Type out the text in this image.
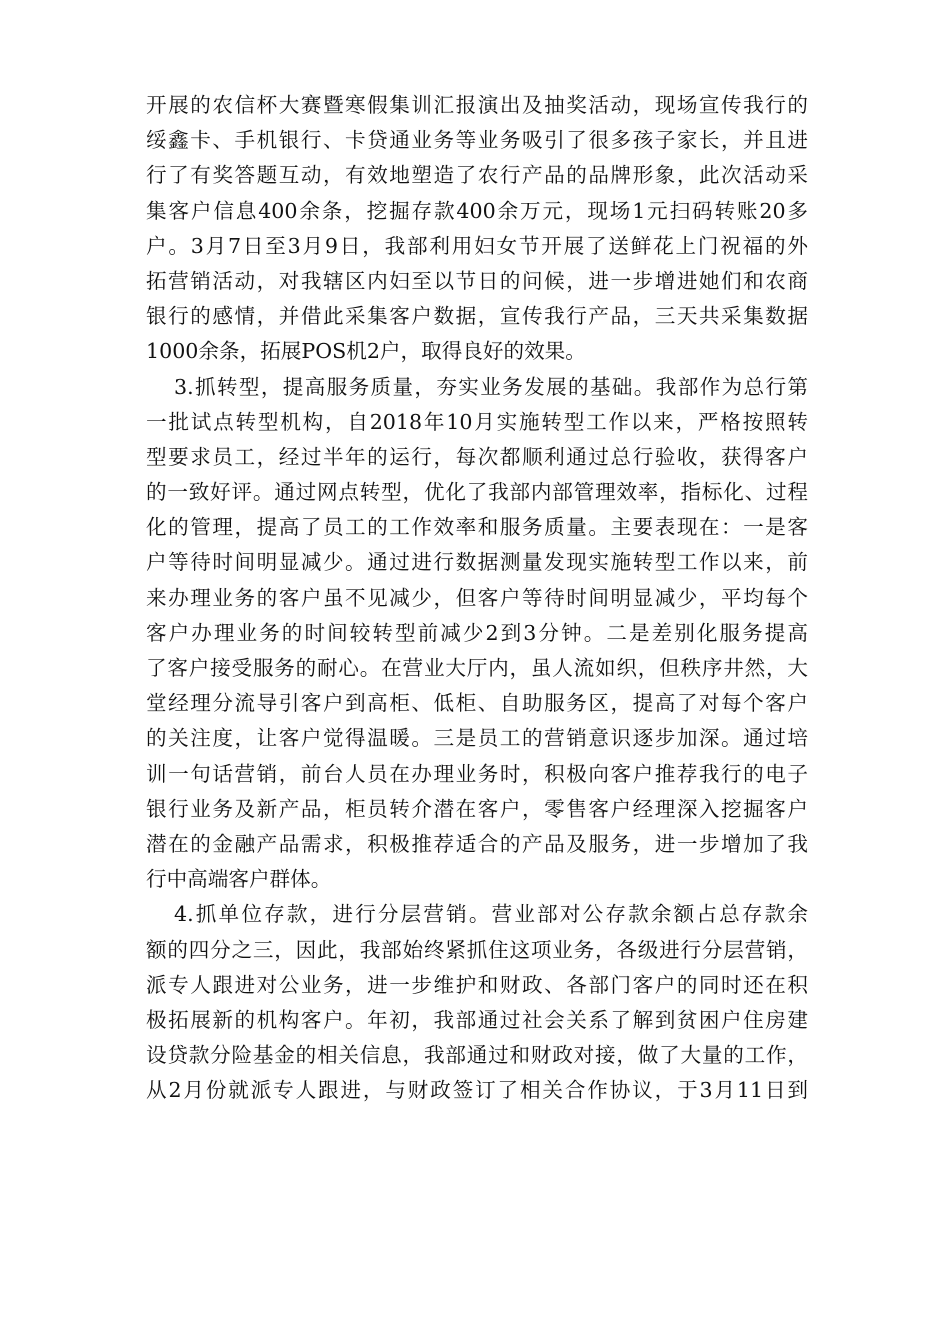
开展的农信杯大赛暨寒假集训汇报演出及抽奖活动，现场宣传我行的
绥鑫卡、手机银行、卡贷通业务等业务吸引了很多孩子家长，并且进
行了有奖答题互动，有效地塑造了农行产品的品牌形象，此次活动采
集客户信息400余条，挖掘存款400余万元，现场1元扫码转账20多
户。3月7日至3月9日，我部利用妇女节开展了送鲜花上门祝福的外
拓营销活动，对我辖区内妇至以节日的问候，进一步增进她们和农商
银行的感情，并借此采集客户数据，宣传我行产品，三天共采集数据
1000余条，拓展POS机2户，取得良好的效果。
3.抓转型，提高服务质量，夯实业务发展的基础。我部作为总行第
一批试点转型机构，自2018年10月实施转型工作以来，严格按照转
型要求员工，经过半年的运行，每次都顺利通过总行验收，获得客户
的一致好评。通过网点转型，优化了我部内部管理效率，指标化、过程
化的管理，提高了员工的工作效率和服务质量。主要表现在：一是客
户等待时间明显减少。通过进行数据测量发现实施转型工作以来，前
来办理业务的客户虽不见减少，但客户等待时间明显减少，平均每个
客户办理业务的时间较转型前减少2到3分钟。二是差别化服务提高
了客户接受服务的耐心。在营业大厅内，虽人流如织，但秩序井然，大
堂经理分流导引客户到高柜、低柜、自助服务区，提高了对每个客户
的关注度，让客户觉得温暖。三是员工的营销意识逐步加深。通过培
训一句话营销，前台人员在办理业务时，积极向客户推荐我行的电子
银行业务及新产品，柜员转介潜在客户，零售客户经理深入挖掘客户
潜在的金融产品需求，积极推荐适合的产品及服务，进一步增加了我
行中高端客户群体。
4.抓单位存款，进行分层营销。营业部对公存款余额占总存款余
额的四分之三，因此，我部始终紧抓住这项业务，各级进行分层营销，
派专人跟进对公业务，进一步维护和财政、各部门客户的同时还在积
极拓展新的机构客户。年初，我部通过社会关系了解到贫困户住房建
设贷款分险基金的相关信息，我部通过和财政对接，做了大量的工作，
从2月份就派专人跟进，与财政签订了相关合作协议，于3月11日到
